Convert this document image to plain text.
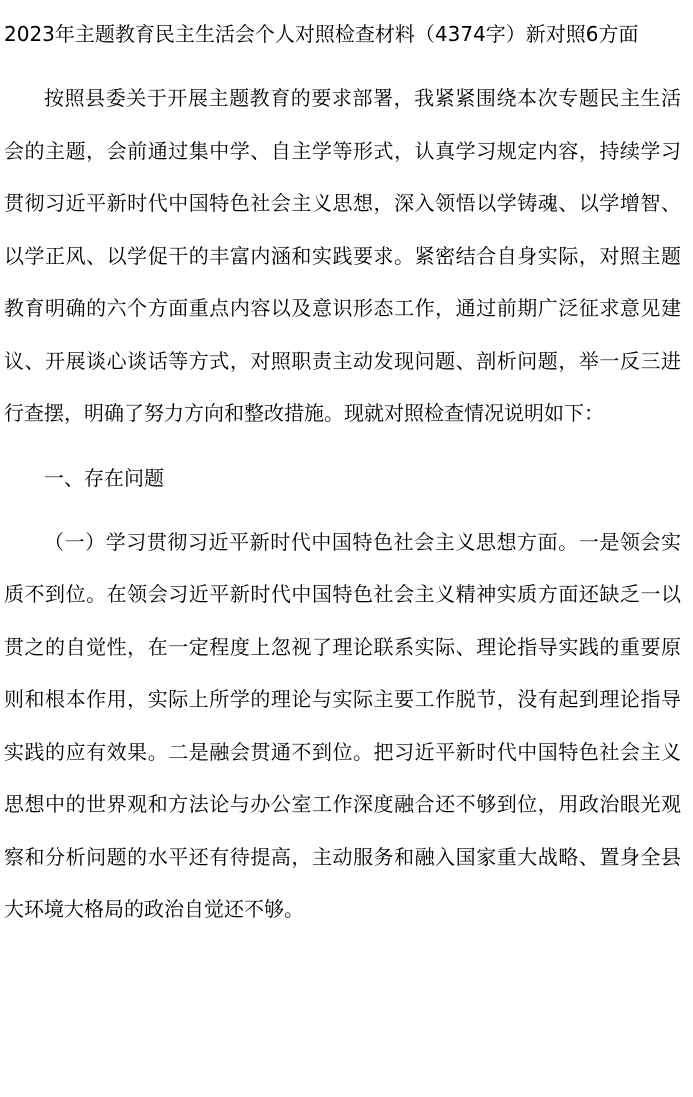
2023年主题教育民主生活会个人对照检查材料（4374字）新对照6方面

按照县委关于开展主题教育的要求部署，我紧紧围绕本次专题民主生活会的主题，会前通过集中学、自主学等形式，认真学习规定内容，持续学习贯彻习近平新时代中国特色社会主义思想，深入领悟以学铸魂、以学增智、以学正风、以学促干的丰富内涵和实践要求。紧密结合自身实际，对照主题教育明确的六个方面重点内容以及意识形态工作，通过前期广泛征求意见建议、开展谈心谈话等方式，对照职责主动发现问题、剖析问题，举一反三进行查摆，明确了努力方向和整改措施。现就对照检查情况说明如下：

一、存在问题

（一）学习贯彻习近平新时代中国特色社会主义思想方面。一是领会实质不到位。在领会习近平新时代中国特色社会主义精神实质方面还缺乏一以贯之的自觉性，在一定程度上忽视了理论联系实际、理论指导实践的重要原则和根本作用，实际上所学的理论与实际主要工作脱节，没有起到理论指导实践的应有效果。二是融会贯通不到位。把习近平新时代中国特色社会主义思想中的世界观和方法论与办公室工作深度融合还不够到位，用政治眼光观察和分析问题的水平还有待提高，主动服务和融入国家重大战略、置身全县大环境大格局的政治自觉还不够。
